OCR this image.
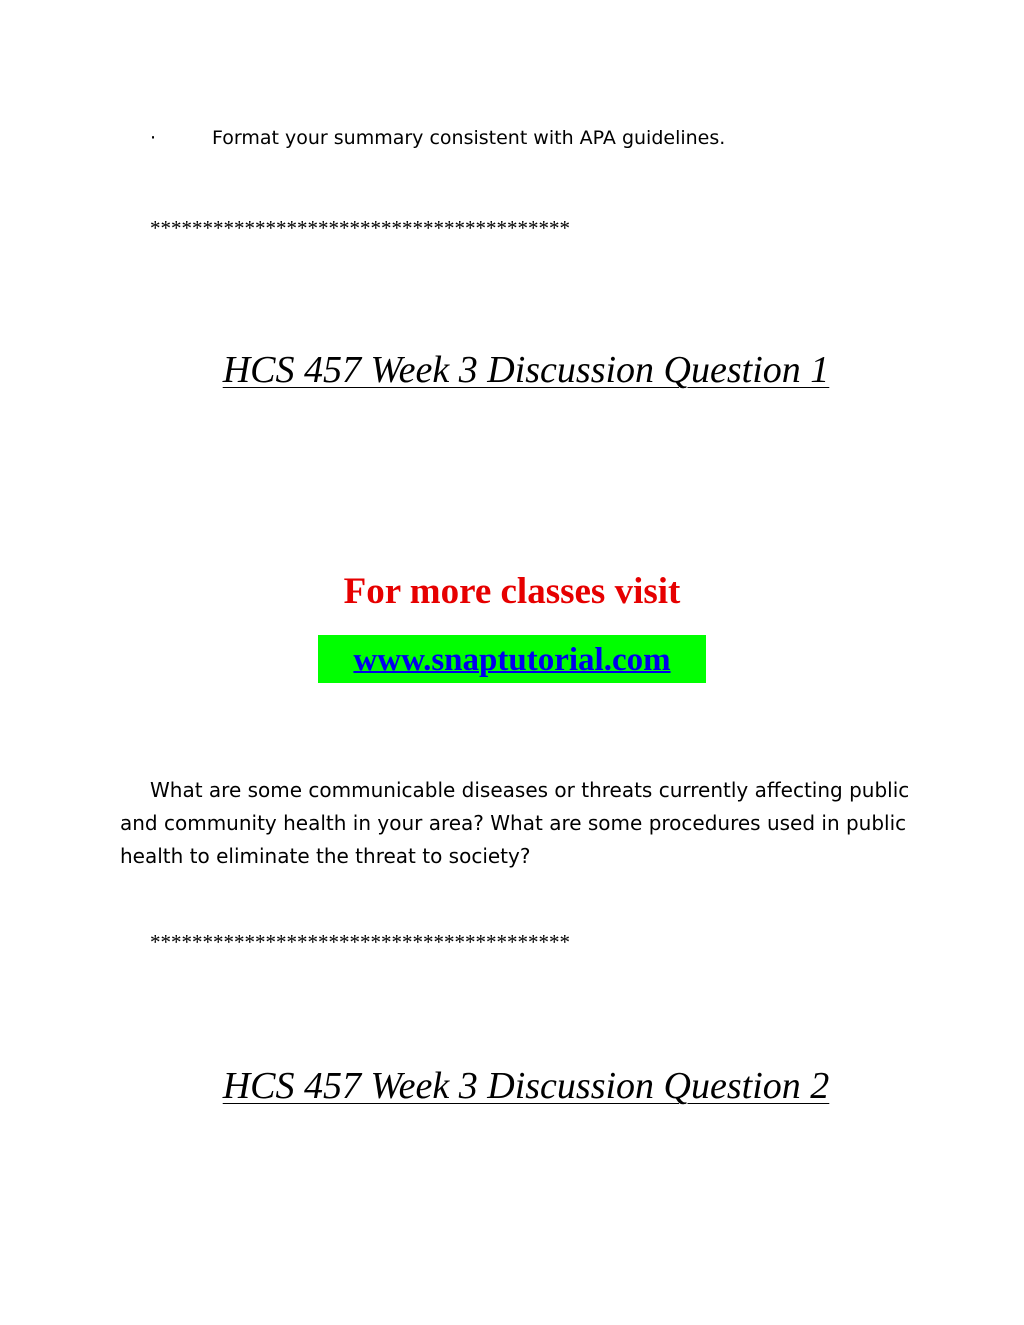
·	Format your summary consistent with APA guidelines.
****************************************
HCS 457 Week 3 Discussion Question 1
For more classes visit
www.snaptutorial.com
What are some communicable diseases or threats currently affecting public and community health in your area? What are some procedures used in public health to eliminate the threat to society?
****************************************
HCS 457 Week 3 Discussion Question 2
